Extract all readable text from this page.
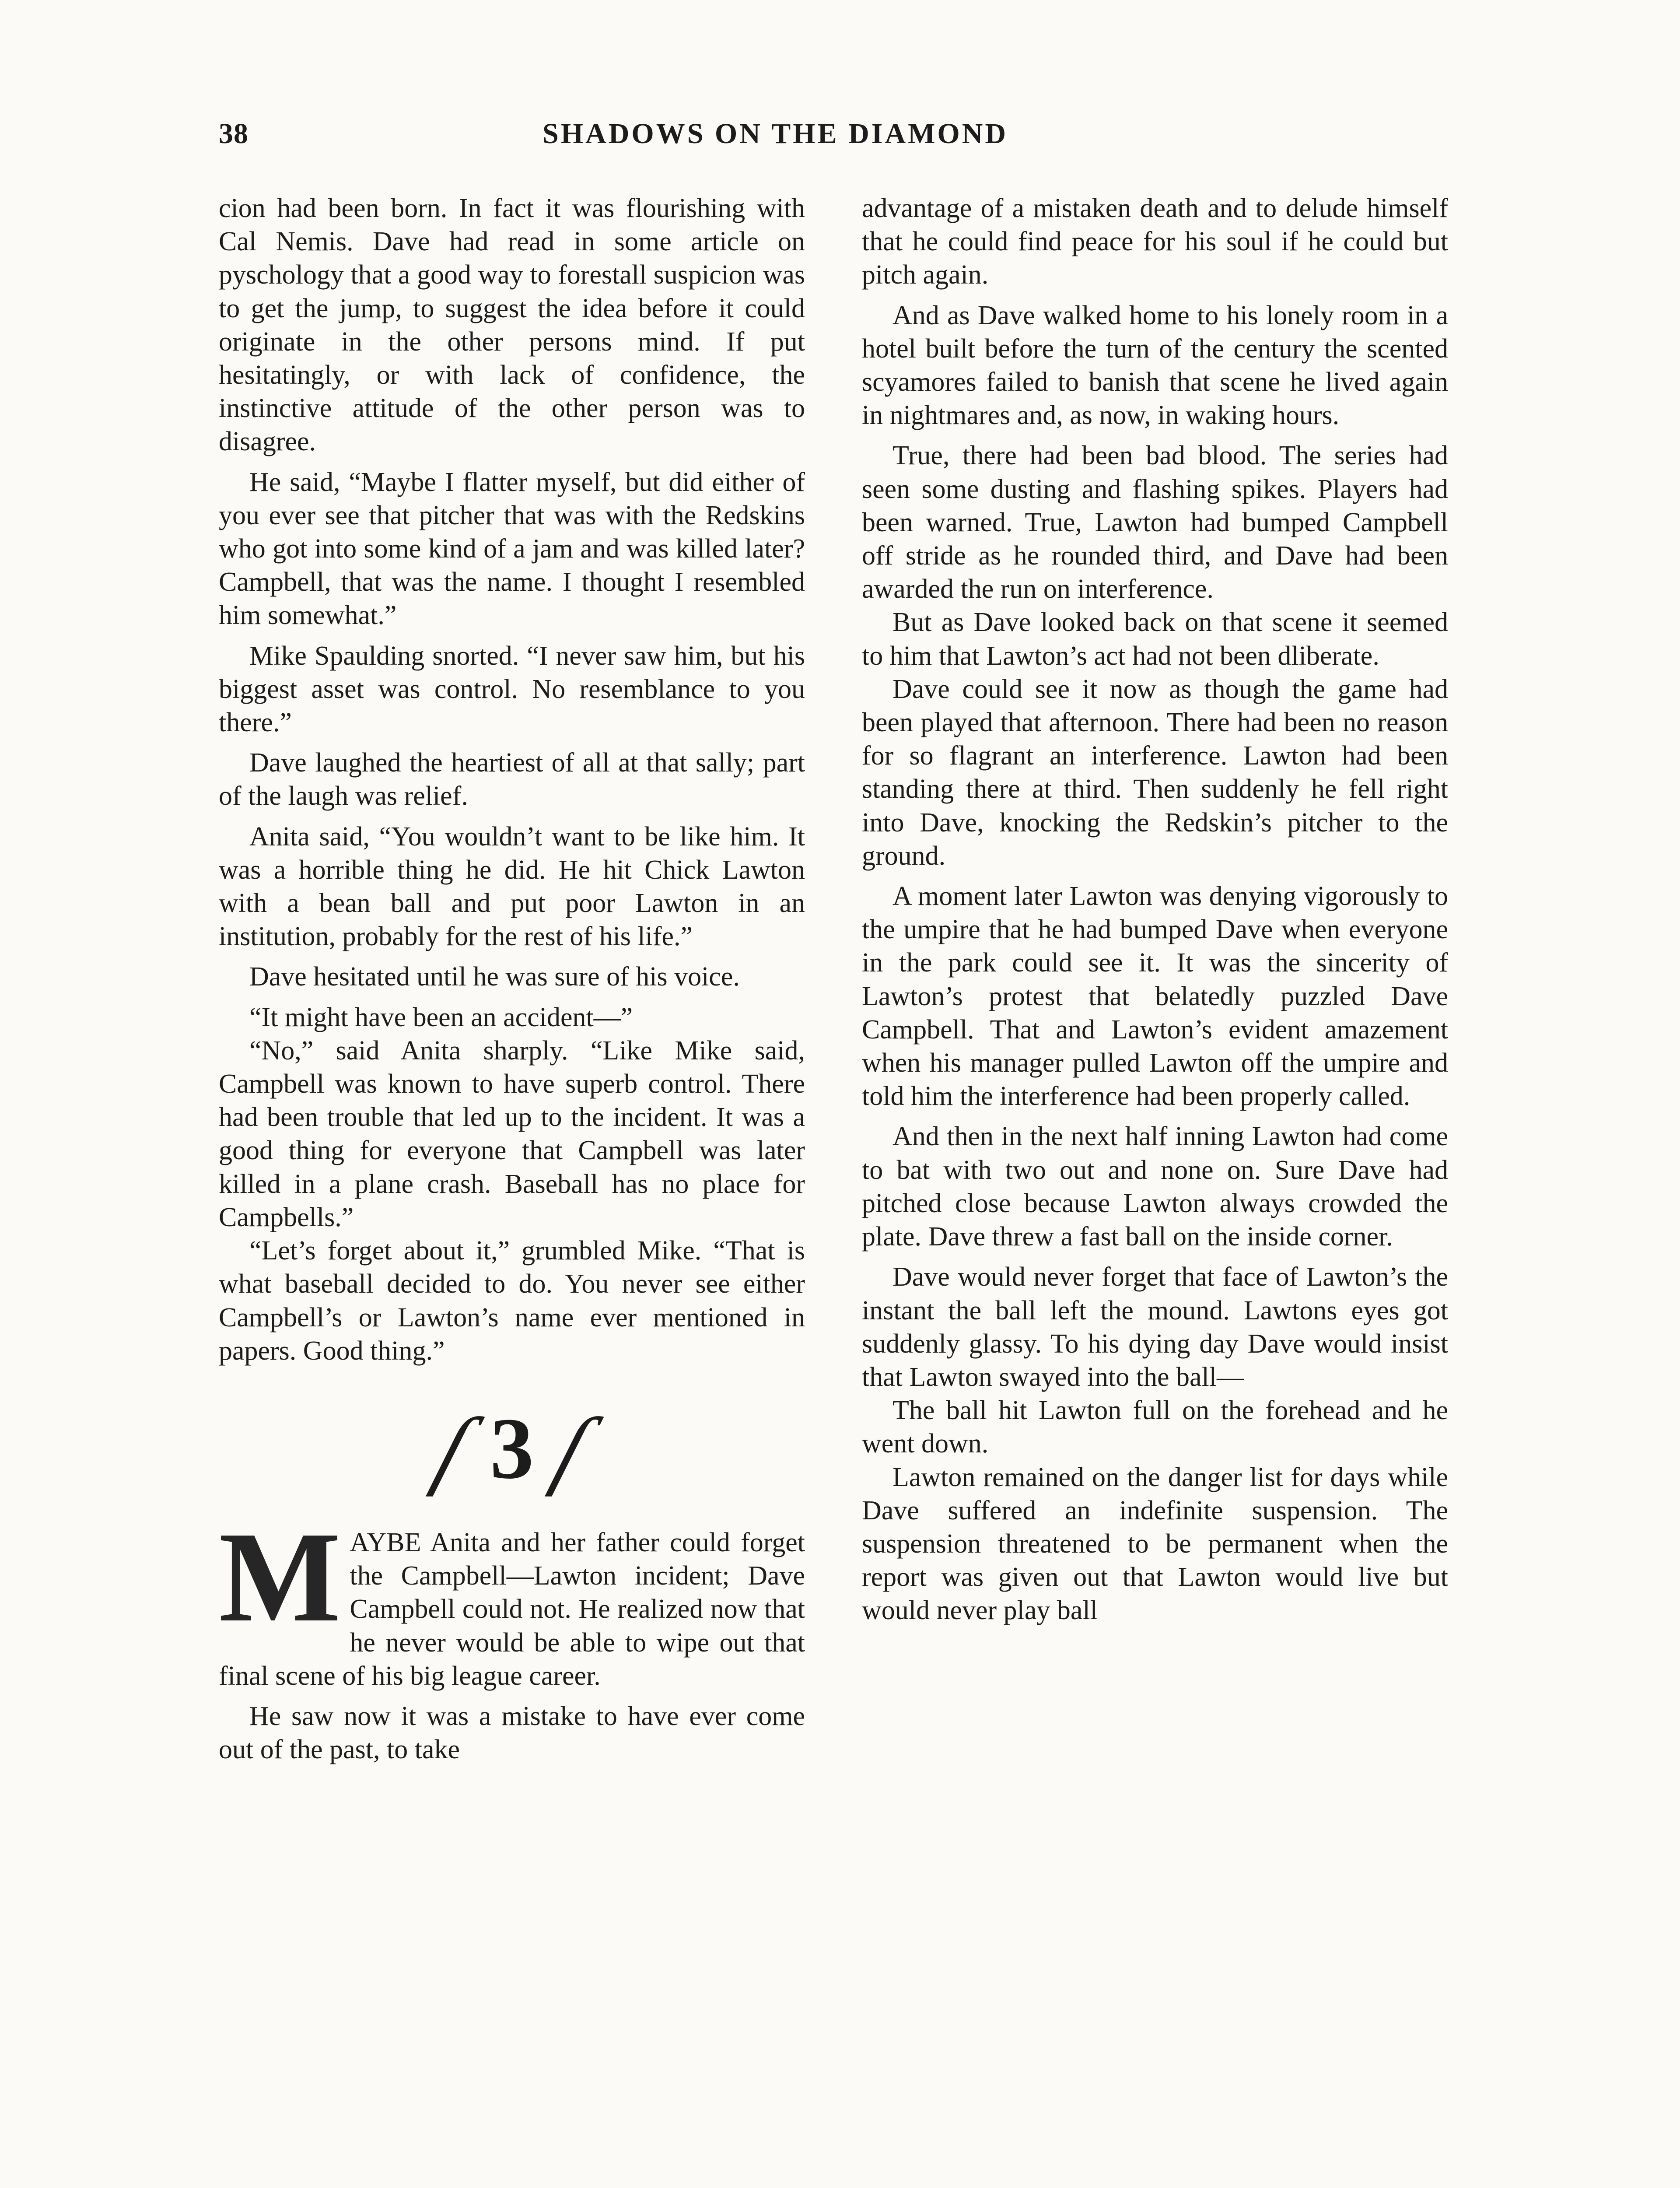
38	SHADOWS ON THE DIAMOND

cion had been born. In fact it was flourishing with Cal Nemis. Dave had read in some article on pyschology that a good way to forestall suspicion was to get the jump, to suggest the idea before it could originate in the other persons mind. If put hesitatingly, or with lack of confidence, the instinctive attitude of the other person was to disagree.

He said, “Maybe I flatter myself, but did either of you ever see that pitcher that was with the Redskins who got into some kind of a jam and was killed later? Campbell, that was the name. I thought I resembled him somewhat.”

Mike Spaulding snorted. “I never saw him, but his biggest asset was control. No resemblance to you there.”

Dave laughed the heartiest of all at that sally; part of the laugh was relief.

Anita said, “You wouldn’t want to be like him. It was a horrible thing he did. He hit Chick Lawton with a bean ball and put poor Lawton in an institution, probably for the rest of his life.”

Dave hesitated until he was sure of his voice.

“It might have been an accident—”

“No,” said Anita sharply. “Like Mike said, Campbell was known to have superb control. There had been trouble that led up to the incident. It was a good thing for everyone that Campbell was later killed in a plane crash. Baseball has no place for Campbells.”

“Let’s forget about it,” grumbled Mike. “That is what baseball decided to do. You never see either Campbell’s or Lawton’s name ever mentioned in papers. Good thing.”

ſ 3 ſ

MAYBE Anita and her father could forget the Campbell—Lawton incident; Dave Campbell could not. He realized now that he never would be able to wipe out that final scene of his big league career.

He saw now it was a mistake to have ever come out of the past, to take

advantage of a mistaken death and to delude himself that he could find peace for his soul if he could but pitch again.

And as Dave walked home to his lonely room in a hotel built before the turn of the century the scented scyamores failed to banish that scene he lived again in nightmares and, as now, in waking hours.

True, there had been bad blood. The series had seen some dusting and flashing spikes. Players had been warned. True, Lawton had bumped Campbell off stride as he rounded third, and Dave had been awarded the run on interference.

But as Dave looked back on that scene it seemed to him that Lawton’s act had not been dliberate.

Dave could see it now as though the game had been played that afternoon. There had been no reason for so flagrant an interference. Lawton had been standing there at third. Then suddenly he fell right into Dave, knocking the Redskin’s pitcher to the ground.

A moment later Lawton was denying vigorously to the umpire that he had bumped Dave when everyone in the park could see it. It was the sincerity of Lawton’s protest that belatedly puzzled Dave Campbell. That and Lawton’s evident amazement when his manager pulled Lawton off the umpire and told him the interference had been properly called.

And then in the next half inning Lawton had come to bat with two out and none on. Sure Dave had pitched close because Lawton always crowded the plate. Dave threw a fast ball on the inside corner.

Dave would never forget that face of Lawton’s the instant the ball left the mound. Lawtons eyes got suddenly glassy. To his dying day Dave would insist that Lawton swayed into the ball—

The ball hit Lawton full on the forehead and he went down.

Lawton remained on the danger list for days while Dave suffered an indefinite suspension. The suspension threatened to be permanent when the report was given out that Lawton would live but would never play ball
